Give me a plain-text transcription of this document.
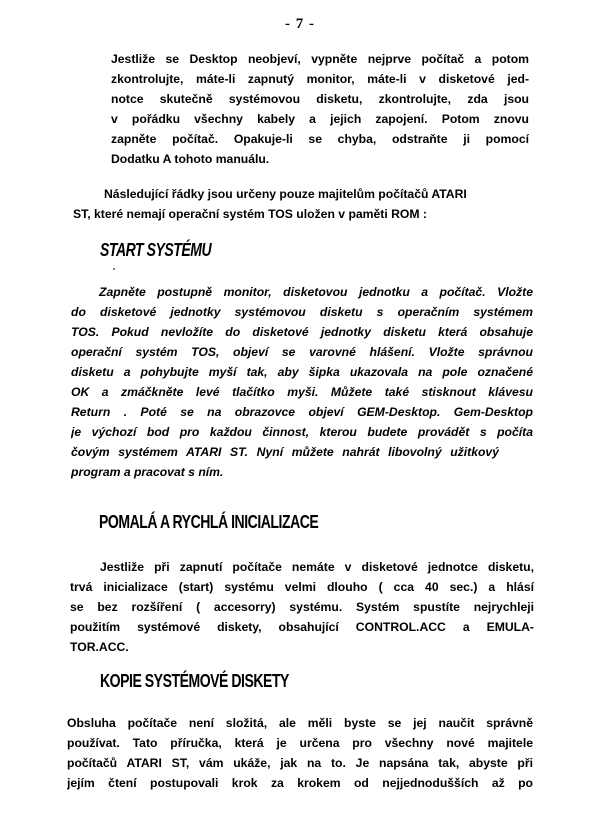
- 7 -
Jestliže se Desktop neobjeví, vypněte nejprve počítač a potom
zkontrolujte, máte-li zapnutý monitor, máte-li v disketové jed-
notce skutečně systémovou disketu, zkontrolujte, zda jsou
v pořádku všechny kabely a jejich zapojení. Potom znovu
zapněte počítač. Opakuje-li se chyba, odstraňte ji pomocí
Dodatku A tohoto manuálu.
Následující řádky jsou určeny pouze majitelům počítačů ATARI
ST, které nemají operační systém TOS uložen v paměti ROM :
START SYSTÉMU
Zapněte postupně monitor, disketovou jednotku a počítač. Vložte
do disketové jednotky systémovou disketu s operačním systémem
TOS. Pokud nevložíte do disketové jednotky disketu která obsahuje
operační systém TOS, objeví se varovné hlášení. Vložte správnou
disketu a pohybujte myší tak, aby šipka ukazovala na pole označené
OK a zmáčkněte levé tlačítko myši. Můžete také stisknout klávesu
Return . Poté se na obrazovce objeví GEM-Desktop. Gem-Desktop
je výchozí bod pro každou činnost, kterou budete provádět s počíta
čovým systémem ATARI ST. Nyní můžete nahrát libovolný užitkový
program a pracovat s ním.
POMALÁ A RYCHLÁ INICIALIZACE
Jestliže při zapnutí počítače nemáte v disketové jednotce disketu,
trvá inicializace (start) systému velmi dlouho ( cca 40 sec.) a hlásí
se bez rozšíření ( accesorry) systému. Systém spustíte nejrychleji
použitím systémové diskety, obsahující CONTROL.ACC a EMULA-
TOR.ACC.
KOPIE SYSTÉMOVÉ DISKETY
Obsluha počítače není složitá, ale měli byste se jej naučit správně
používat. Tato příručka, která je určena pro všechny nové majitele
počítačů ATARI ST, vám ukáže, jak na to. Je napsána tak, abyste při
jejím čtení postupovali krok za krokem od nejjednodušších až po
